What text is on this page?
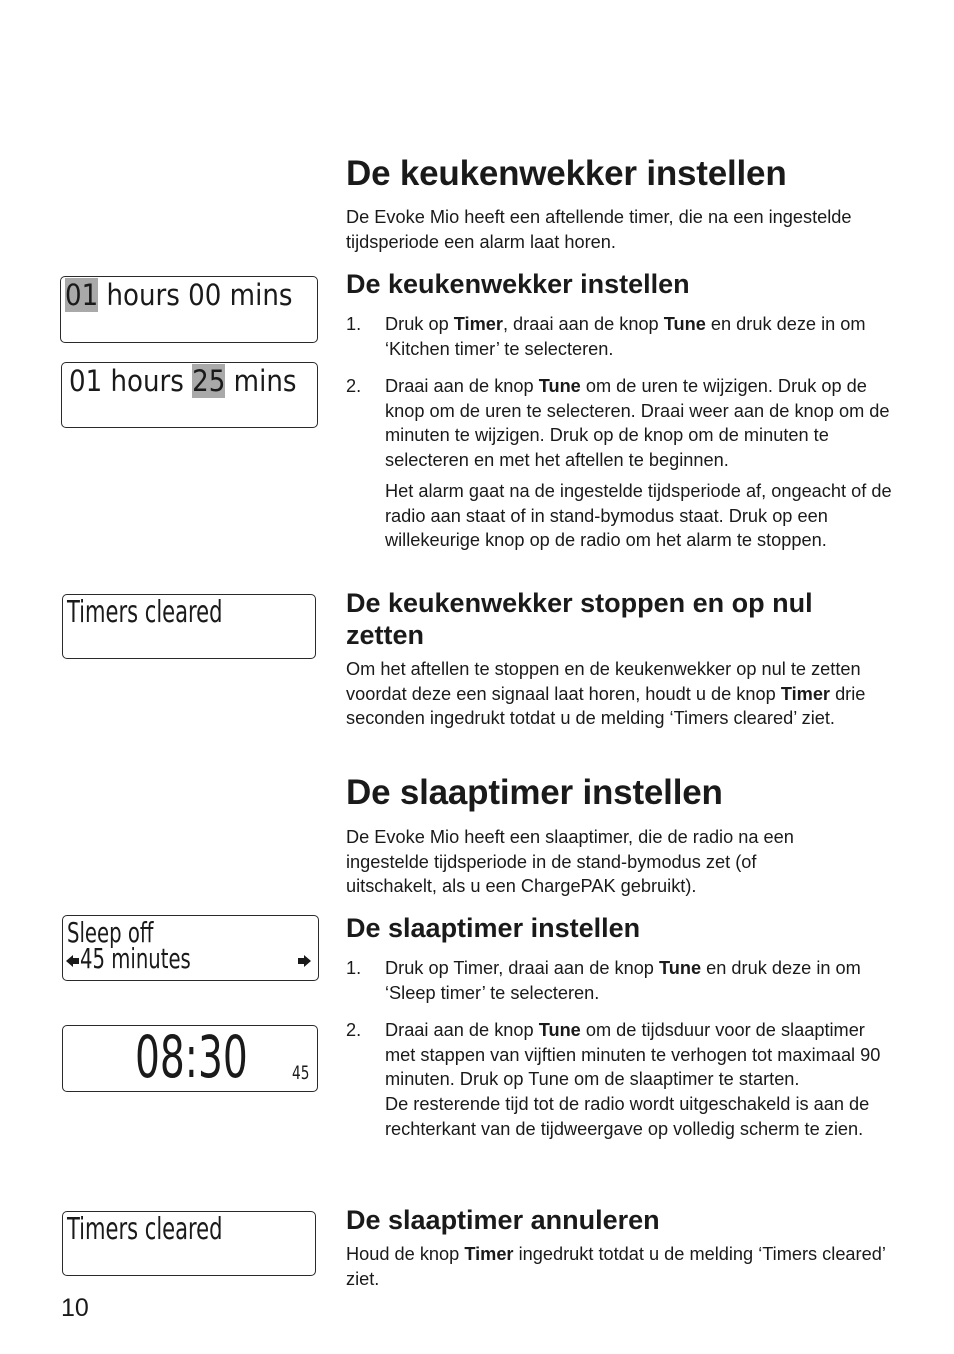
01 hours 00 mins
01 hours 25 mins
Timers cleared
Sleep off
45 minutes
08:30 45
Timers cleared
10
De keukenwekker instellen

De Evoke Mio heeft een aftellende timer, die na een ingestelde tijdsperiode een alarm laat horen.

De keukenwekker instellen
1. Druk op Timer, draai aan de knop Tune en druk deze in om ‘Kitchen timer’ te selecteren.
2. Draai aan de knop Tune om de uren te wijzigen. Druk op de knop om de uren te selecteren. Draai weer aan de knop om de minuten te wijzigen. Druk op de knop om de minuten te selecteren en met het aftellen te beginnen.

Het alarm gaat na de ingestelde tijdsperiode af, ongeacht of de radio aan staat of in stand-bymodus staat. Druk op een willekeurige knop op de radio om het alarm te stoppen.

De keukenwekker stoppen en op nul zetten

Om het aftellen te stoppen en de keukenwekker op nul te zetten voordat deze een signaal laat horen, houdt u de knop Timer drie seconden ingedrukt totdat u de melding ‘Timers cleared’ ziet.

De slaaptimer instellen

De Evoke Mio heeft een slaaptimer, die de radio na een ingestelde tijdsperiode in de stand-bymodus zet (of uitschakelt, als u een ChargePAK gebruikt).

De slaaptimer instellen
1. Druk op Timer, draai aan de knop Tune en druk deze in om ‘Sleep timer’ te selecteren.
2. Draai aan de knop Tune om de tijdsduur voor de slaaptimer met stappen van vijftien minuten te verhogen tot maximaal 90 minuten. Druk op Tune om de slaaptimer te starten.
De resterende tijd tot de radio wordt uitgeschakeld is aan de rechterkant van de tijdweergave op volledig scherm te zien.
De slaaptimer annuleren

Houd de knop Timer ingedrukt totdat u de melding ‘Timers cleared’ ziet.
